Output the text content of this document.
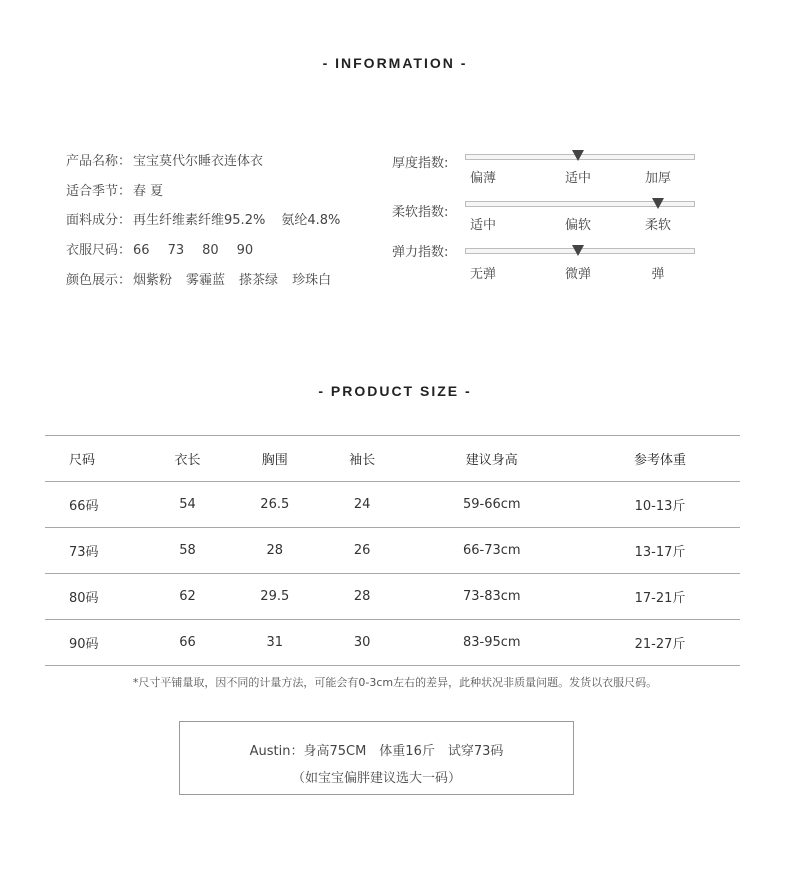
- INFORMATION -
产品名称： 宝宝莫代尔睡衣连体衣
适合季节： 春 夏
面料成分： 再生纤维素纤维95.2% 氨纶4.8%
衣服尺码： 66 73 80 90
颜色展示： 烟紫粉 雾霾蓝 搽茶绿 珍珠白
厚度指数:
偏薄	适中	加厚
柔软指数:
适中	偏软	柔软
弹力指数:
无弹	微弹	弹
- PRODUCT SIZE -
尺码	衣长	胸围	袖长	建议身高	参考体重
66码	54	26.5	24	59-66cm	10-13斤
73码	58	28	26	66-73cm	13-17斤
80码	62	29.5	28	73-83cm	17-21斤
90码	66	31	30	83-95cm	21-27斤
*尺寸平铺量取，因不同的计量方法，可能会有0-3cm左右的差异，此种状况非质量问题。发货以衣服尺码。
Austin：身高75CM　体重16斤　试穿73码
（如宝宝偏胖建议选大一码）
